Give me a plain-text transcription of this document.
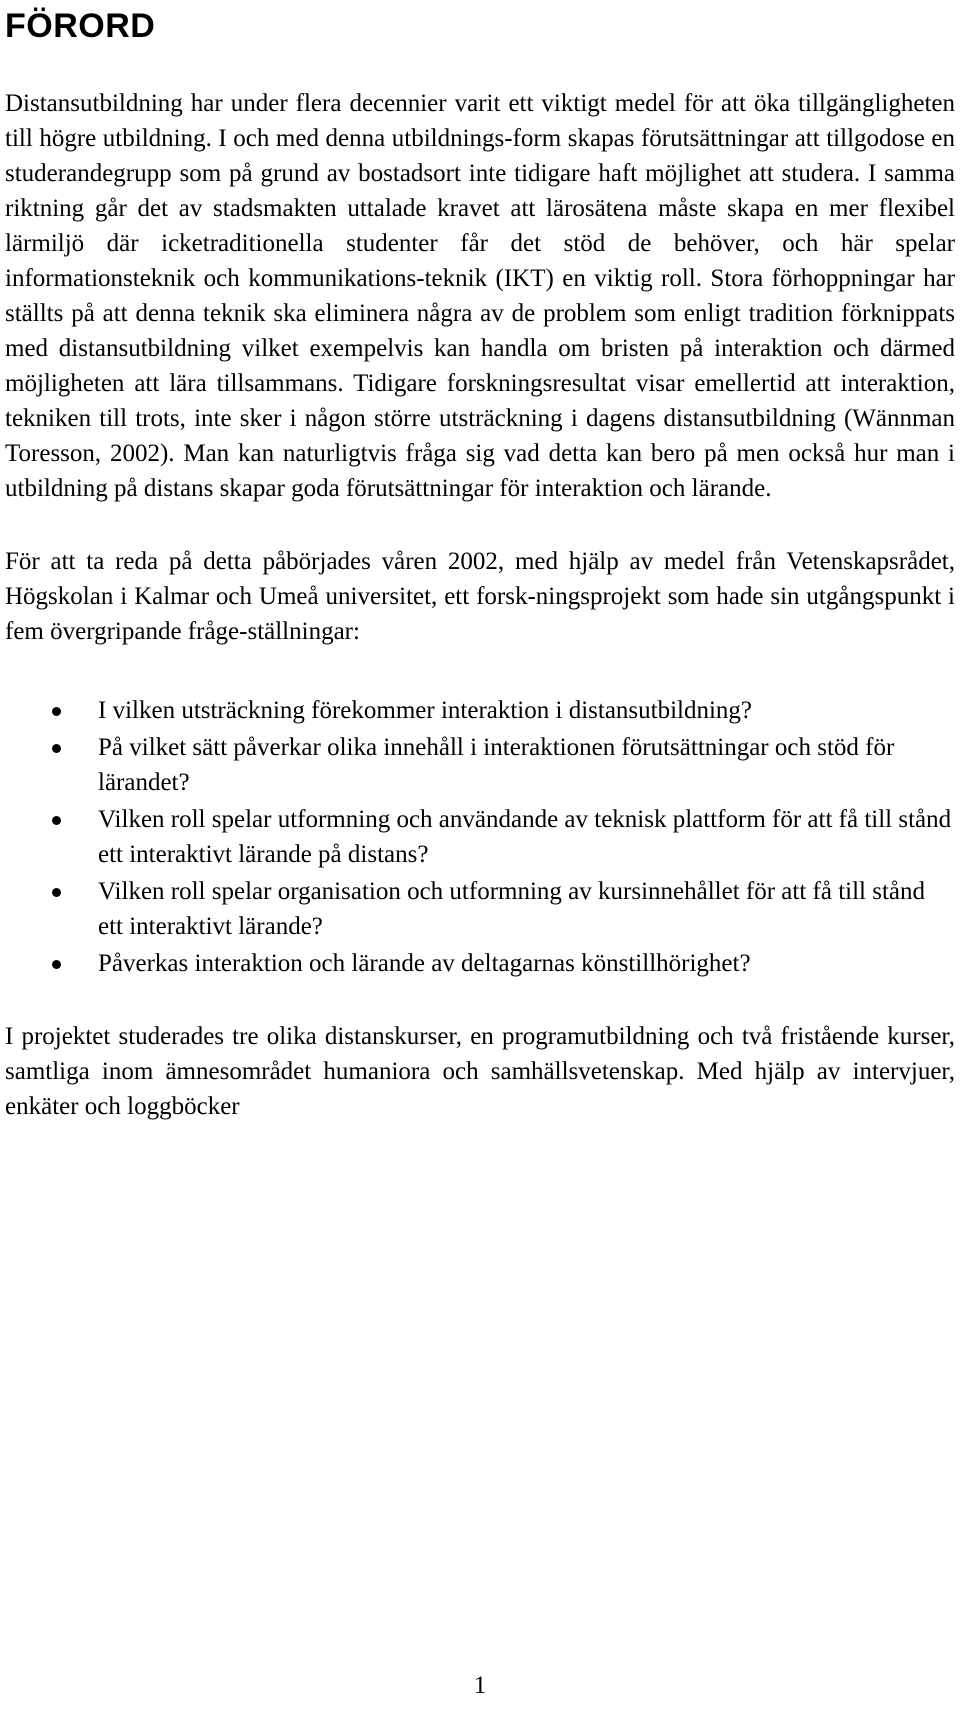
FÖRORD

Distansutbildning har under flera decennier varit ett viktigt medel för att öka tillgängligheten till högre utbildning. I och med denna utbildnings-form skapas förutsättningar att tillgodose en studerandegrupp som på grund av bostadsort inte tidigare haft möjlighet att studera. I samma riktning går det av stadsmakten uttalade kravet att lärosätena måste skapa en mer flexibel lärmiljö där icketraditionella studenter får det stöd de behöver, och här spelar informationsteknik och kommunikations-teknik (IKT) en viktig roll. Stora förhoppningar har ställts på att denna teknik ska eliminera några av de problem som enligt tradition förknippats med distansutbildning vilket exempelvis kan handla om bristen på interaktion och därmed möjligheten att lära tillsammans. Tidigare forskningsresultat visar emellertid att interaktion, tekniken till trots, inte sker i någon större utsträckning i dagens distansutbildning (Wännman Toresson, 2002). Man kan naturligtvis fråga sig vad detta kan bero på men också hur man i utbildning på distans skapar goda förutsättningar för interaktion och lärande.

För att ta reda på detta påbörjades våren 2002, med hjälp av medel från Vetenskapsrådet, Högskolan i Kalmar och Umeå universitet, ett forsk-ningsprojekt som hade sin utgångspunkt i fem övergripande fråge-ställningar:

I vilken utsträckning förekommer interaktion i distansutbildning?
På vilket sätt påverkar olika innehåll i interaktionen förutsättningar och stöd för lärandet?
Vilken roll spelar utformning och användande av teknisk plattform för att få till stånd ett interaktivt lärande på distans?
Vilken roll spelar organisation och utformning av kursinnehållet för att få till stånd ett interaktivt lärande?
Påverkas interaktion och lärande av deltagarnas könstillhörighet?

I projektet studerades tre olika distanskurser, en programutbildning och två fristående kurser, samtliga inom ämnesområdet humaniora och samhällsvetenskap. Med hjälp av intervjuer, enkäter och loggböcker

1
